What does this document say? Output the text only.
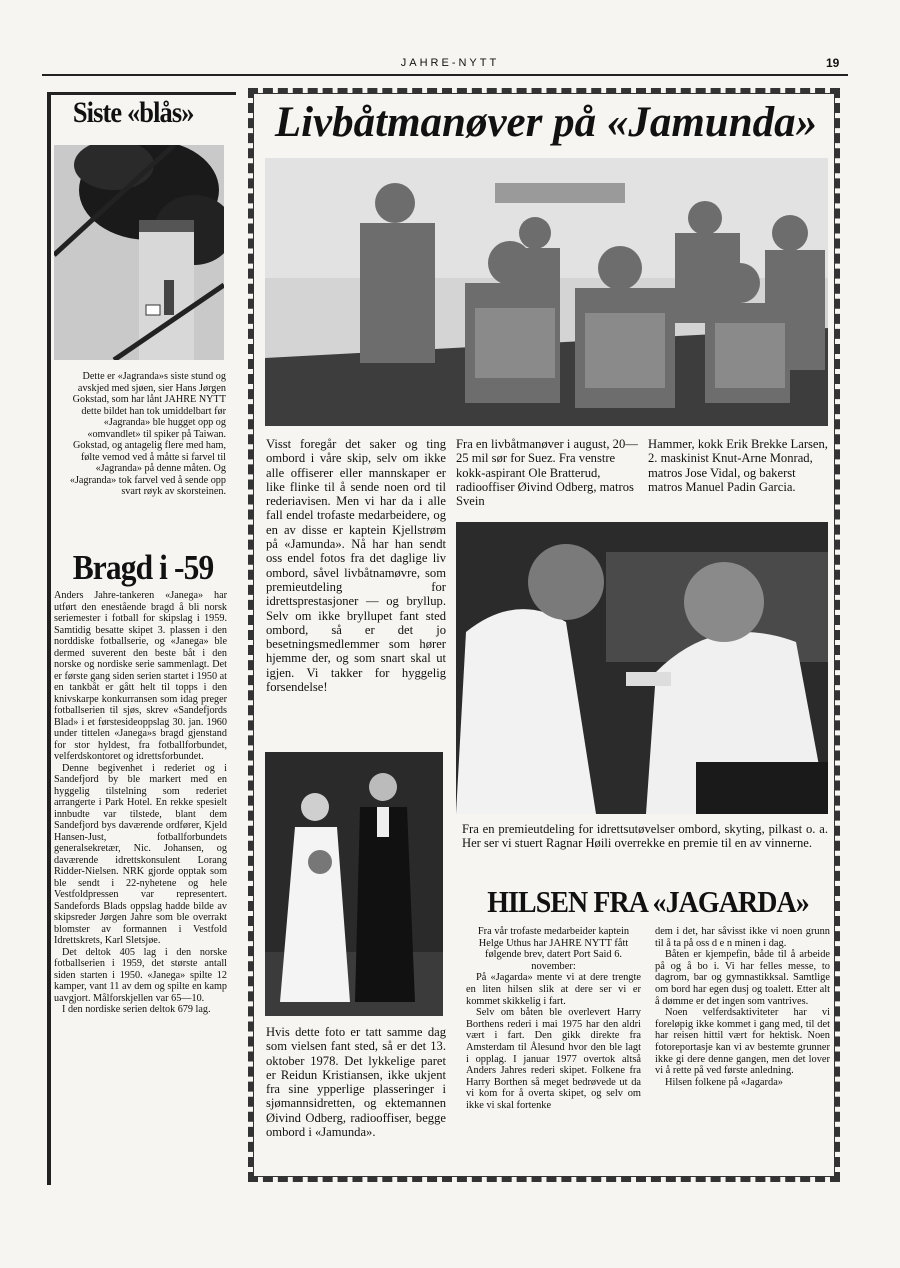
JAHRE-NYTT	19
Siste «blås»
Dette er «Jagranda»s siste stund og avskjed med sjøen, sier Hans Jørgen Gokstad, som har lånt JAHRE NYTT dette bildet han tok umiddelbart før «Jagranda» ble hugget opp og «omvandlet» til spiker på Taiwan. Gokstad, og antagelig flere med ham, følte vemod ved å måtte si farvel til «Jagranda» på denne måten. Og «Jagranda» tok farvel ved å sende opp svart røyk av skorsteinen.
Bragd i -59

Anders Jahre-tankeren «Janega» har utført den enestående bragd å bli norsk seriemester i fotball for skipslag i 1959. Samtidig besatte skipet 3. plassen i den norddiske fotballserie, og «Janega» ble dermed suverent den beste båt i den norske og nordiske serie sammenlagt. Det er første gang siden serien startet i 1950 at en tankbåt er gått helt til topps i den knivskarpe konkurransen som idag preger fotballserien til sjøs, skrev «Sandefjords Blad» i et førstesideoppslag 30. jan. 1960 under tittelen «Janega»s bragd gjenstand for stor hyldest, fra fotballforbundet, velferdskontoret og idrettsforbundet.

Denne begivenhet i rederiet og i Sandefjord by ble markert med en hyggelig tilstelning som rederiet arrangerte i Park Hotel. En rekke spesielt innbudte var tilstede, blant dem Sandefjord bys daværende ordfører, Kjeld Hansen-Just, fotballforbundets generalsekretær, Nic. Johansen, og daværende idrettskonsulent Lorang Ridder-Nielsen. NRK gjorde opptak som ble sendt i 22-nyhetene og hele Vestfoldpressen var representert. Sandefords Blads oppslag hadde bilde av skipsreder Jørgen Jahre som ble overrakt blomster av formannen i Vestfold Idrettskrets, Karl Sletsjøe.

Det deltok 405 lag i den norske fotballserien i 1959, det største antall siden starten i 1950. «Janega» spilte 12 kamper, vant 11 av dem og spilte en kamp uavgjort. Målforskjellen var 65—10.

I den nordiske serien deltok 679 lag.

Livbåtmanøver på «Jamunda»
Visst foregår det saker og ting ombord i våre skip, selv om ikke alle offiserer eller mannskaper er like flinke til å sende noen ord til rederiavisen. Men vi har da i alle fall endel trofaste medarbeidere, og en av disse er kaptein Kjellstrøm på «Jamunda». Nå har han sendt oss endel fotos fra det daglige liv ombord, såvel livbåtnamøvre, som premieutdeling for idrettsprestasjoner — og bryllup. Selv om ikke bryllupet fant sted ombord, så er det jo besetningsmedlemmer som hører hjemme der, og som snart skal ut igjen. Vi takker for hyggelig forsendelse!
Fra en livbåtmanøver i august, 20—25 mil sør for Suez. Fra venstre kokk-aspirant Ole Bratterud, radiooffiser Øivind Odberg, matros Svein
Hammer, kokk Erik Brekke Larsen, 2. maskinist Knut-Arne Monrad, matros Jose Vidal, og bakerst matros Manuel Padin Garcia.
Fra en premieutdeling for idrettsutøvelser ombord, skyting, pilkast o. a. Her ser vi stuert Ragnar Høili overrekke en premie til en av vinnerne.
Hvis dette foto er tatt samme dag som vielsen fant sted, så er det 13. oktober 1978. Det lykkelige paret er Reidun Kristiansen, ikke ukjent fra sine ypperlige plasseringer i sjømannsidretten, og ektemannen Øivind Odberg, radiooffiser, begge ombord i «Jamunda».
HILSEN FRA «JAGARDA»

Fra vår trofaste medarbeider kaptein Helge Uthus har JAHRE NYTT fått følgende brev, datert Port Said 6. november:

På «Jagarda» mente vi at dere trengte en liten hilsen slik at dere ser vi er kommet skikkelig i fart.

Selv om båten ble overlevert Harry Borthens rederi i mai 1975 har den aldri vært i fart. Den gikk direkte fra Amsterdam til Ålesund hvor den ble lagt i opplag. I januar 1977 overtok altså Anders Jahres rederi skipet. Folkene fra Harry Borthen så meget bedrøvede ut da vi kom for å overta skipet, og selv om ikke vi skal fortenke

dem i det, har såvisst ikke vi noen grunn til å ta på oss d e n minen i dag.

Båten er kjempefin, både til å arbeide på og å bo i. Vi har felles messe, to dagrom, bar og gymnastikksal. Samtlige om bord har egen dusj og toalett. Etter alt å dømme er det ingen som vantrives.

Noen velferdsaktiviteter har vi foreløpig ikke kommet i gang med, til det har reisen hittil vært for hektisk. Noen fotoreportasje kan vi av bestemte grunner ikke gi dere denne gangen, men det lover vi å rette på ved første anledning.

Hilsen folkene på «Jagarda»
